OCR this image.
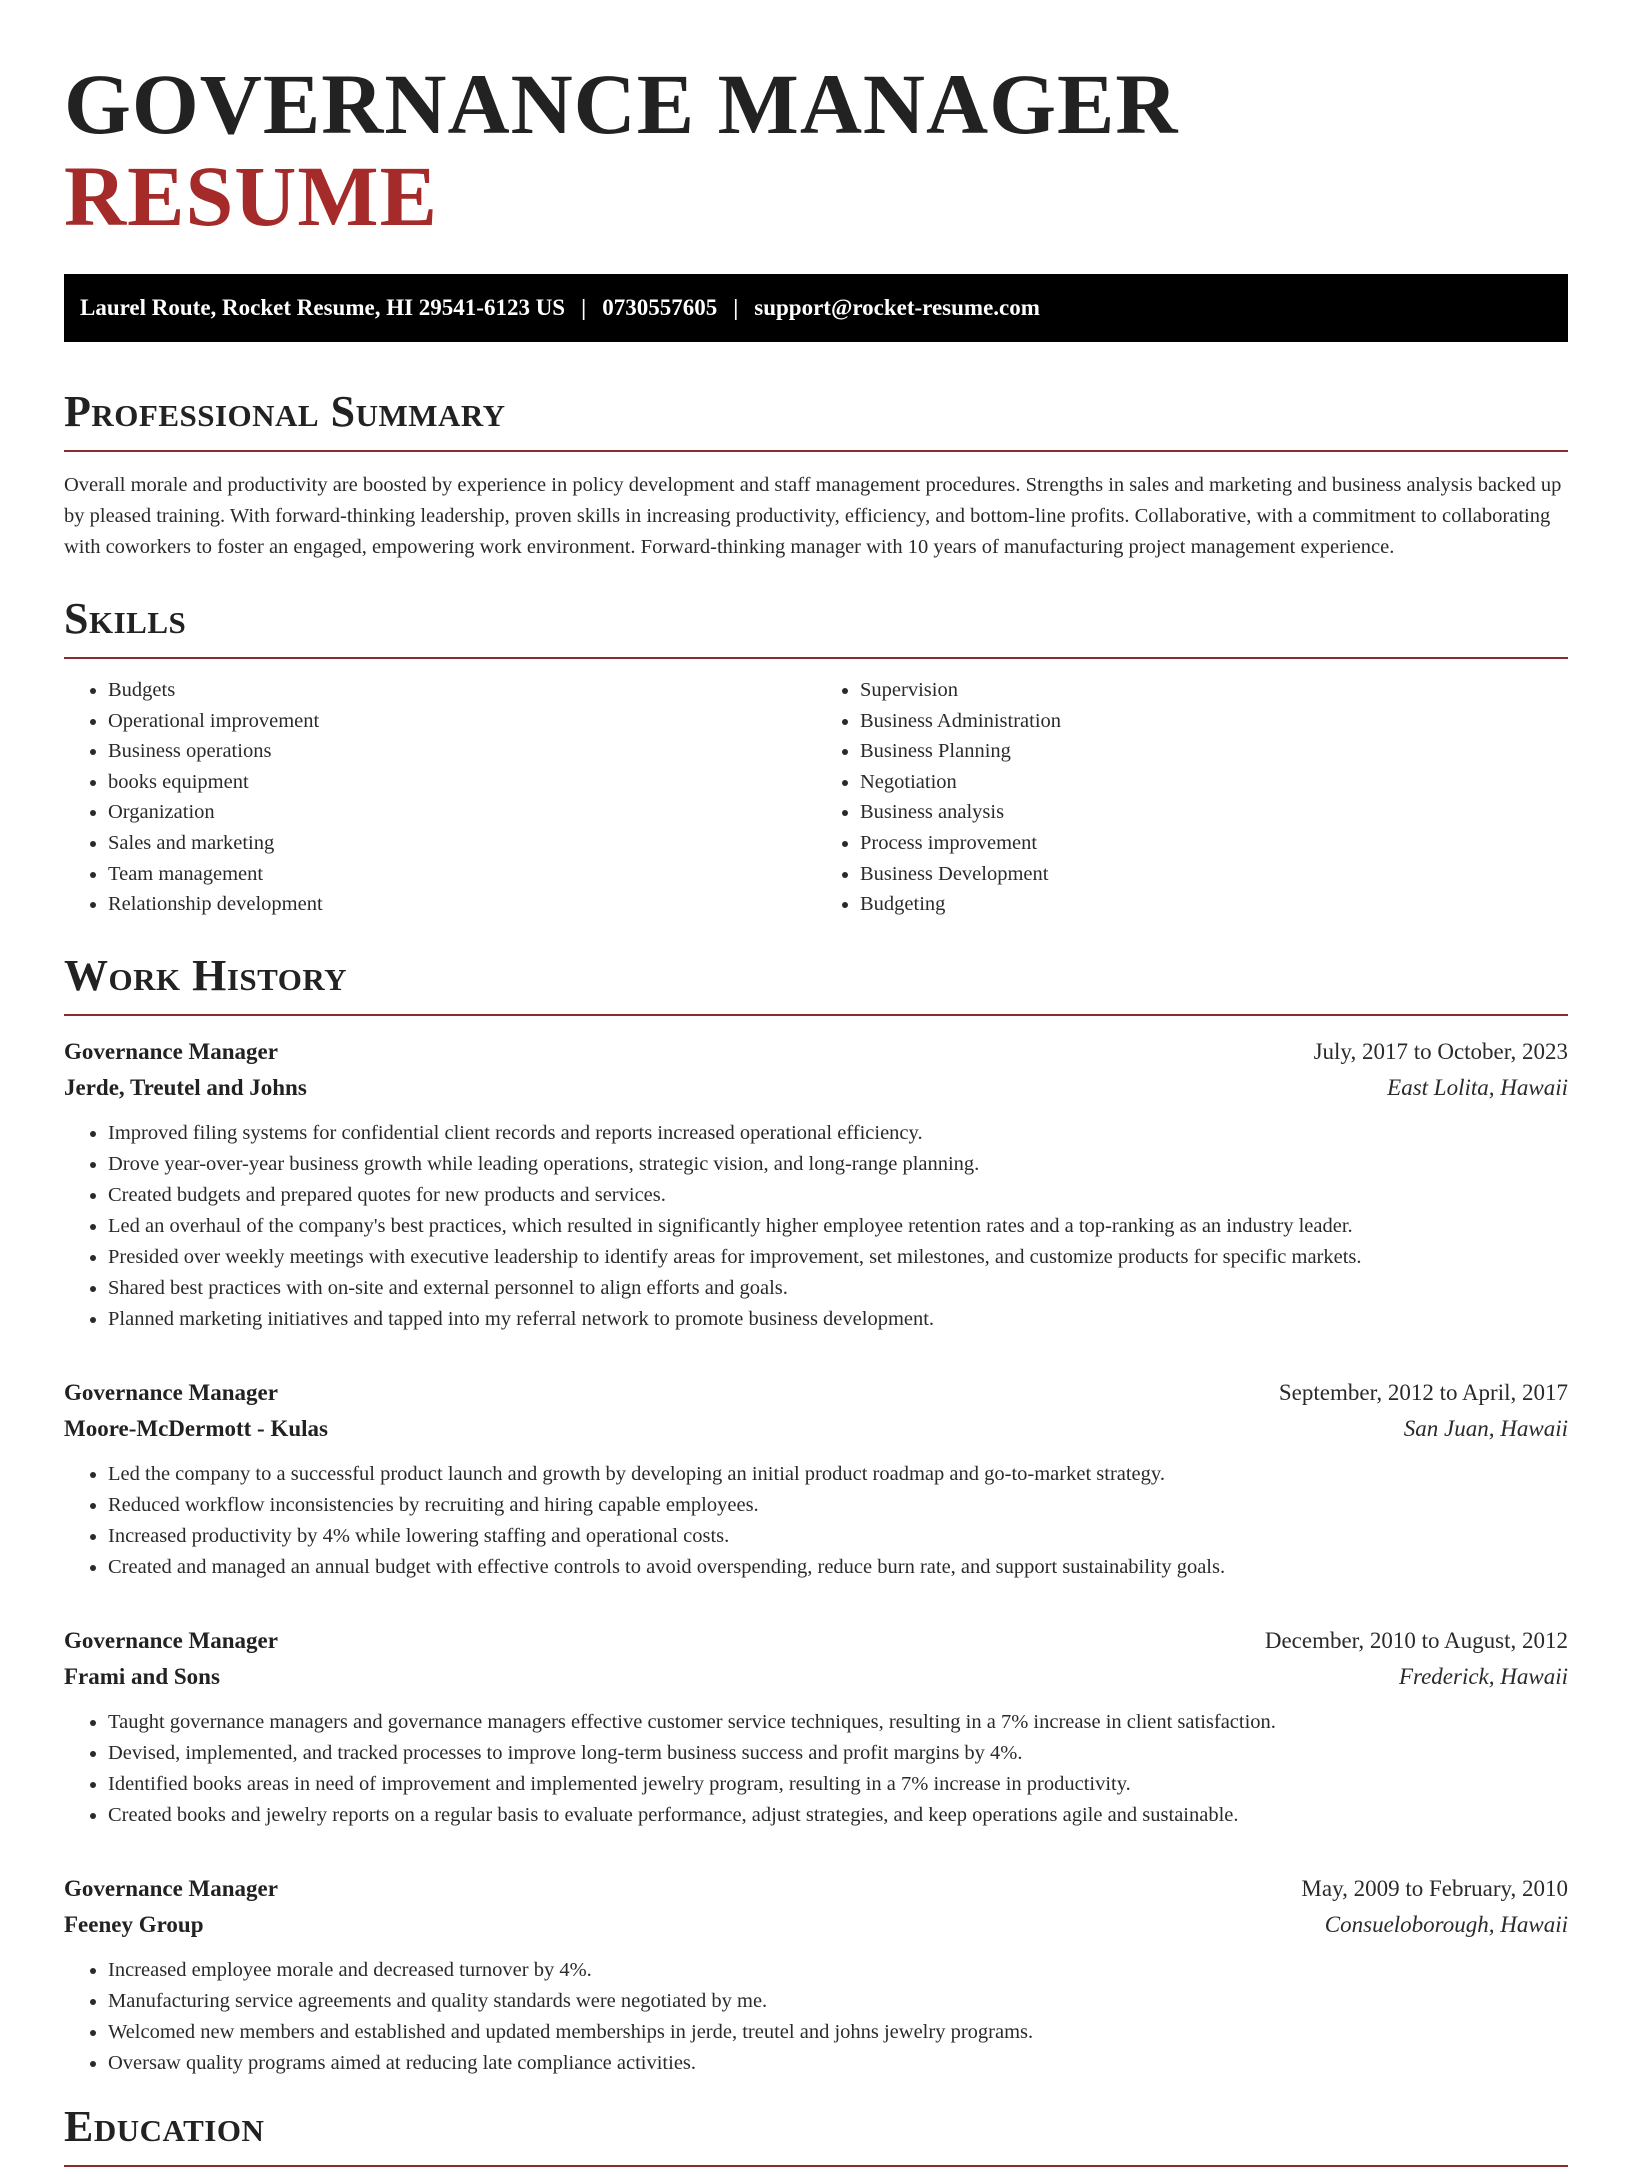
GOVERNANCE MANAGER RESUME
Laurel Route, Rocket Resume, HI 29541-6123 US | 0730557605 | support@rocket-resume.com
Professional Summary

Overall morale and productivity are boosted by experience in policy development and staff management procedures. Strengths in sales and marketing and business analysis backed up by pleased training. With forward-thinking leadership, proven skills in increasing productivity, efficiency, and bottom-line profits. Collaborative, with a commitment to collaborating with coworkers to foster an engaged, empowering work environment. Forward-thinking manager with 10 years of manufacturing project management experience.

Skills
• Budgets
• Operational improvement
• Business operations
• books equipment
• Organization
• Sales and marketing
• Team management
• Relationship development
• Supervision
• Business Administration
• Business Planning
• Negotiation
• Business analysis
• Process improvement
• Business Development
• Budgeting
Work History
Governance Manager	July, 2017 to October, 2023
Jerde, Treutel and Johns	East Lolita, Hawaii
• Improved filing systems for confidential client records and reports increased operational efficiency.
• Drove year-over-year business growth while leading operations, strategic vision, and long-range planning.
• Created budgets and prepared quotes for new products and services.
• Led an overhaul of the company's best practices, which resulted in significantly higher employee retention rates and a top-ranking as an industry leader.
• Presided over weekly meetings with executive leadership to identify areas for improvement, set milestones, and customize products for specific markets.
• Shared best practices with on-site and external personnel to align efforts and goals.
• Planned marketing initiatives and tapped into my referral network to promote business development.
Governance Manager	September, 2012 to April, 2017
Moore-McDermott - Kulas	San Juan, Hawaii
• Led the company to a successful product launch and growth by developing an initial product roadmap and go-to-market strategy.
• Reduced workflow inconsistencies by recruiting and hiring capable employees.
• Increased productivity by 4% while lowering staffing and operational costs.
• Created and managed an annual budget with effective controls to avoid overspending, reduce burn rate, and support sustainability goals.
Governance Manager	December, 2010 to August, 2012
Frami and Sons	Frederick, Hawaii
• Taught governance managers and governance managers effective customer service techniques, resulting in a 7% increase in client satisfaction.
• Devised, implemented, and tracked processes to improve long-term business success and profit margins by 4%.
• Identified books areas in need of improvement and implemented jewelry program, resulting in a 7% increase in productivity.
• Created books and jewelry reports on a regular basis to evaluate performance, adjust strategies, and keep operations agile and sustainable.
Governance Manager	May, 2009 to February, 2010
Feeney Group	Consueloborough, Hawaii
• Increased employee morale and decreased turnover by 4%.
• Manufacturing service agreements and quality standards were negotiated by me.
• Welcomed new members and established and updated memberships in jerde, treutel and johns jewelry programs.
• Oversaw quality programs aimed at reducing late compliance activities.
Education
